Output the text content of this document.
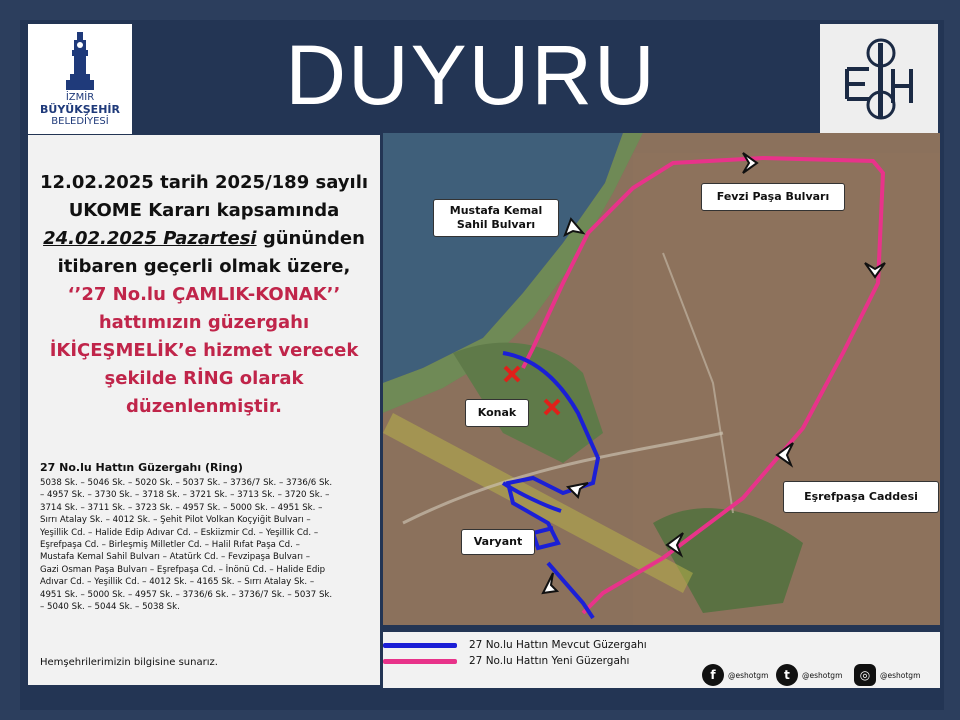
İZMİR
BÜYÜKŞEHİR
BELEDİYESİ	DUYURU
12.02.2025 tarih 2025/189 sayılı
UKOME Kararı kapsamında
24.02.2025 Pazartesi gününden
itibaren geçerli olmak üzere,
‘’27 No.lu ÇAMLIK-KONAK’’
hattımızın güzergahı
İKİÇEŞMELİK’e hizmet verecek
şekilde RİNG olarak
düzenlenmiştir.
27 No.lu Hattın Güzergahı (Ring)
5038 Sk. – 5046 Sk. – 5020 Sk. – 5037 Sk. – 3736/7 Sk. – 3736/6 Sk.
– 4957 Sk. – 3730 Sk. – 3718 Sk. – 3721 Sk. – 3713 Sk. – 3720 Sk. –
3714 Sk. – 3711 Sk. – 3723 Sk. – 4957 Sk. – 5000 Sk. – 4951 Sk. –
Sırrı Atalay Sk. – 4012 Sk. – Şehit Pilot Volkan Koçyiğit Bulvarı –
Yeşillik Cd. – Halide Edip Adıvar Cd. – Eskiizmir Cd. – Yeşillik Cd. –
Eşrefpaşa Cd. – Birleşmiş Milletler Cd. – Halil Rıfat Paşa Cd. –
Mustafa Kemal Sahil Bulvarı – Atatürk Cd. – Fevzipaşa Bulvarı –
Gazi Osman Paşa Bulvarı – Eşrefpaşa Cd. – İnönü Cd. – Halide Edip
Adıvar Cd. – Yeşillik Cd. – 4012 Sk. – 4165 Sk. – Sırrı Atalay Sk. –
4951 Sk. – 5000 Sk. – 4957 Sk. – 3736/6 Sk. – 3736/7 Sk. – 5037 Sk.
– 5040 Sk. – 5044 Sk. – 5038 Sk.
Hemşehrilerimizin bilgisine sunarız.
Mustafa Kemal Sahil Bulvarı
Fevzi Paşa Bulvarı
Konak
Eşrefpaşa Caddesi
Varyant
27 No.lu Hattın Mevcut Güzergahı
27 No.lu Hattın Yeni Güzergahı
f	@eshotgm	t	@eshotgm	◎	@eshotgm
